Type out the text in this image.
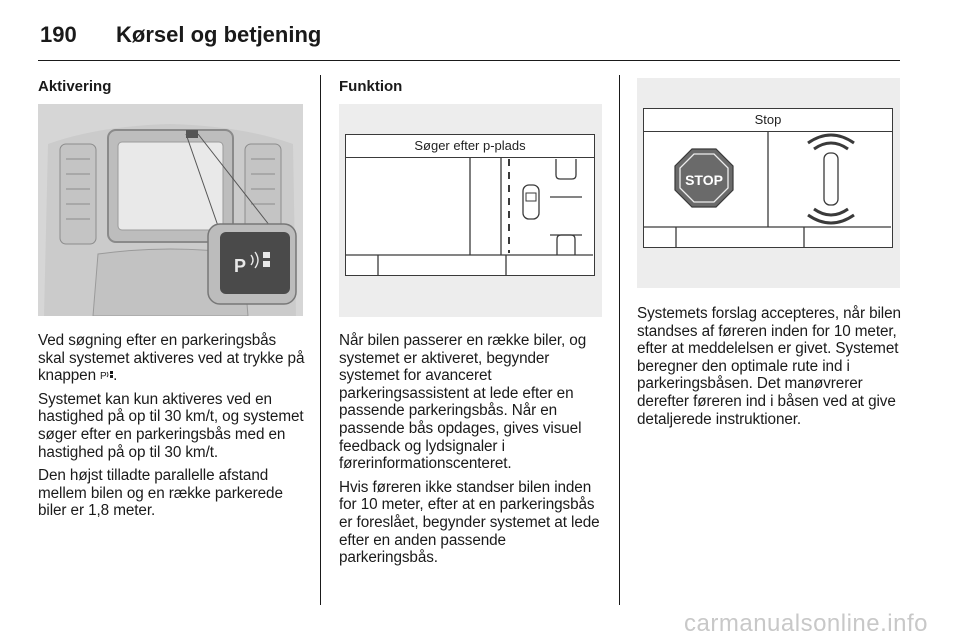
190 Kørsel og betjening
Aktivering
P

Ved søgning efter en parkeringsbås skal systemet aktiveres ved at trykke på knappen P .

Systemet kan kun aktiveres ved en hastighed på op til 30 km/t, og systemet søger efter en parkeringsbås med en hastighed på op til 30 km/t.

Den højst tilladte parallelle afstand mellem bilen og en række parkerede biler er 1,8 meter.

Funktion
Søger efter p-plads

Når bilen passerer en række biler, og systemet er aktiveret, begynder systemet for avanceret parkeringsassistent at lede efter en passende parkeringsbås. Når en passende bås opdages, gives visuel feedback og lydsignaler i førerinformationscenteret.

Hvis føreren ikke standser bilen inden for 10 meter, efter at en parkeringsbås er foreslået, begynder systemet at lede efter en anden passende parkeringsbås.

Stop
STOP

Systemets forslag accepteres, når bilen standses af føreren inden for 10 meter, efter at meddelelsen er givet. Systemet beregner den optimale rute ind i parkeringsbåsen. Det manøvrerer derefter føreren ind i båsen ved at give detaljerede instruktioner.

carmanualsonline.info
